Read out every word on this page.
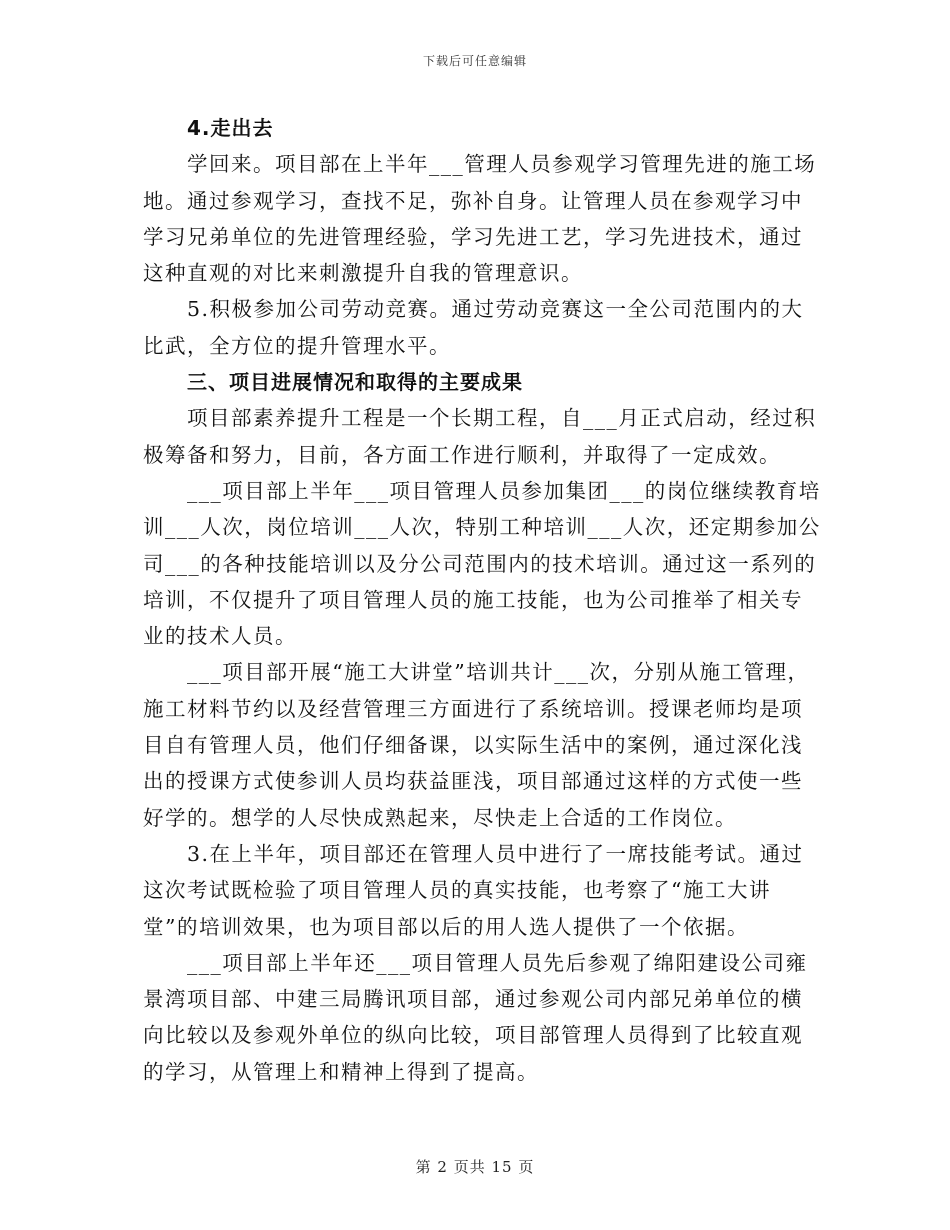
下载后可任意编辑
4.走出去
学回来。项目部在上半年___管理人员参观学习管理先进的施工场
地。通过参观学习，查找不足，弥补自身。让管理人员在参观学习中
学习兄弟单位的先进管理经验，学习先进工艺，学习先进技术，通过
这种直观的对比来刺激提升自我的管理意识。
5.积极参加公司劳动竞赛。通过劳动竞赛这一全公司范围内的大
比武，全方位的提升管理水平。
三、项目进展情况和取得的主要成果
项目部素养提升工程是一个长期工程，自___月正式启动，经过积
极筹备和努力，目前，各方面工作进行顺利，并取得了一定成效。
___项目部上半年___项目管理人员参加集团___的岗位继续教育培
训___人次，岗位培训___人次，特别工种培训___人次，还定期参加公
司___的各种技能培训以及分公司范围内的技术培训。通过这一系列的
培训，不仅提升了项目管理人员的施工技能，也为公司推举了相关专
业的技术人员。
___项目部开展“施工大讲堂”培训共计___次，分别从施工管理，
施工材料节约以及经营管理三方面进行了系统培训。授课老师均是项
目自有管理人员，他们仔细备课，以实际生活中的案例，通过深化浅
出的授课方式使参训人员均获益匪浅，项目部通过这样的方式使一些
好学的。想学的人尽快成熟起来，尽快走上合适的工作岗位。
3.在上半年，项目部还在管理人员中进行了一席技能考试。通过
这次考试既检验了项目管理人员的真实技能，也考察了“施工大讲
堂”的培训效果，也为项目部以后的用人选人提供了一个依据。
___项目部上半年还___项目管理人员先后参观了绵阳建设公司雍
景湾项目部、中建三局腾讯项目部，通过参观公司内部兄弟单位的横
向比较以及参观外单位的纵向比较，项目部管理人员得到了比较直观
的学习，从管理上和精神上得到了提高。
第 2 页共 15 页
